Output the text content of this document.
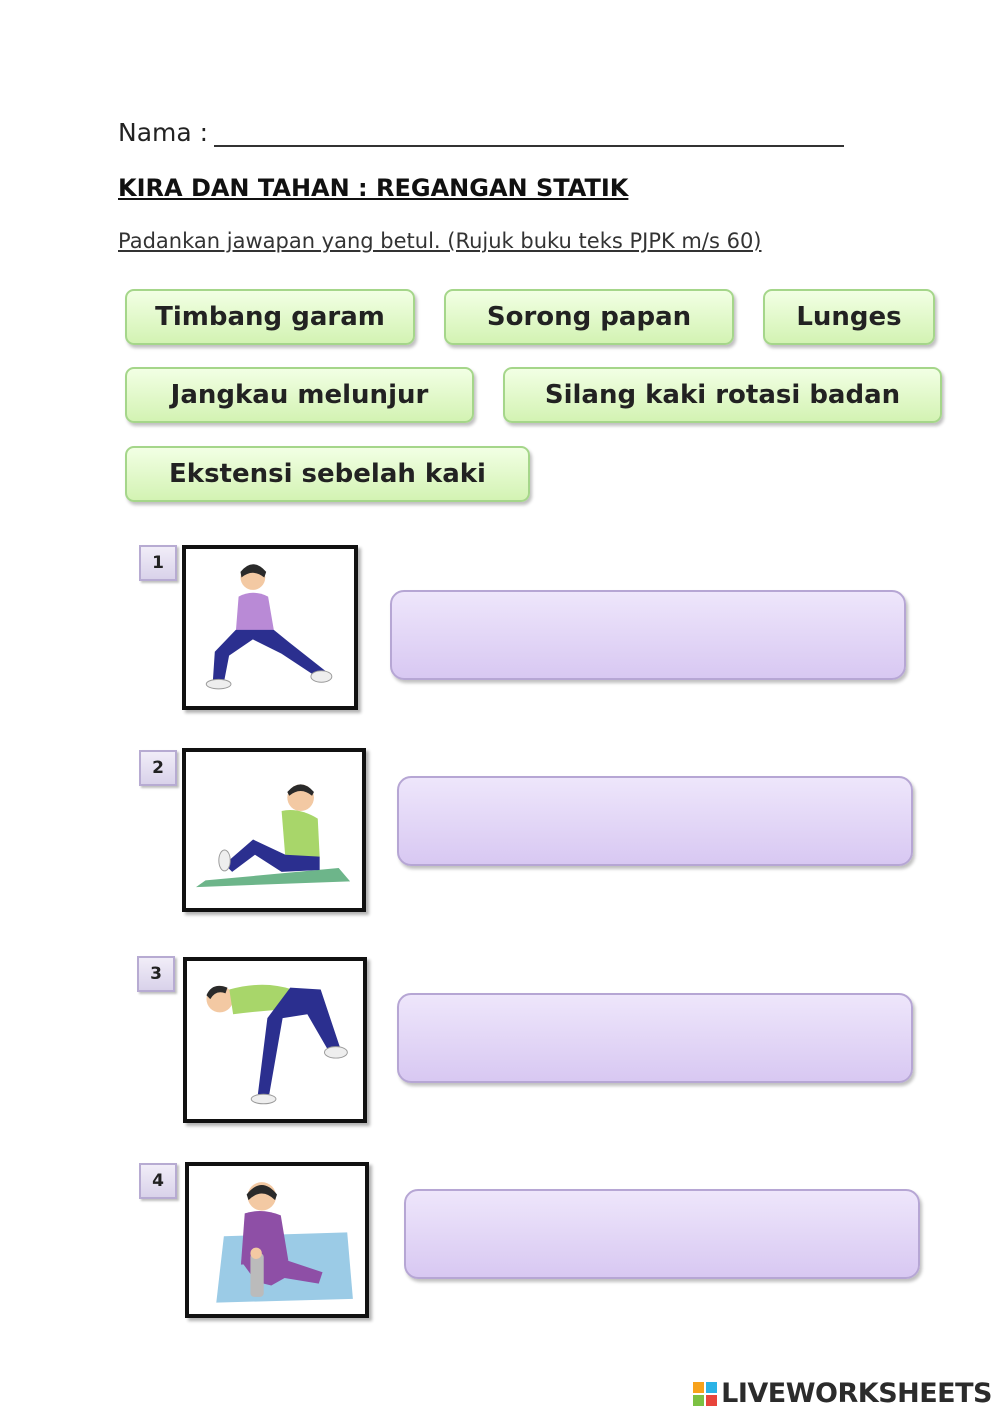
Nama :
KIRA DAN TAHAN : REGANGAN STATIK
Padankan jawapan yang betul. (Rujuk buku teks PJPK m/s 60)
Timbang garam	Sorong papan	Lunges
Jangkau melunjur	Silang kaki rotasi badan
Ekstensi sebelah kaki
1
2
3
4
LIVEWORKSHEETS
